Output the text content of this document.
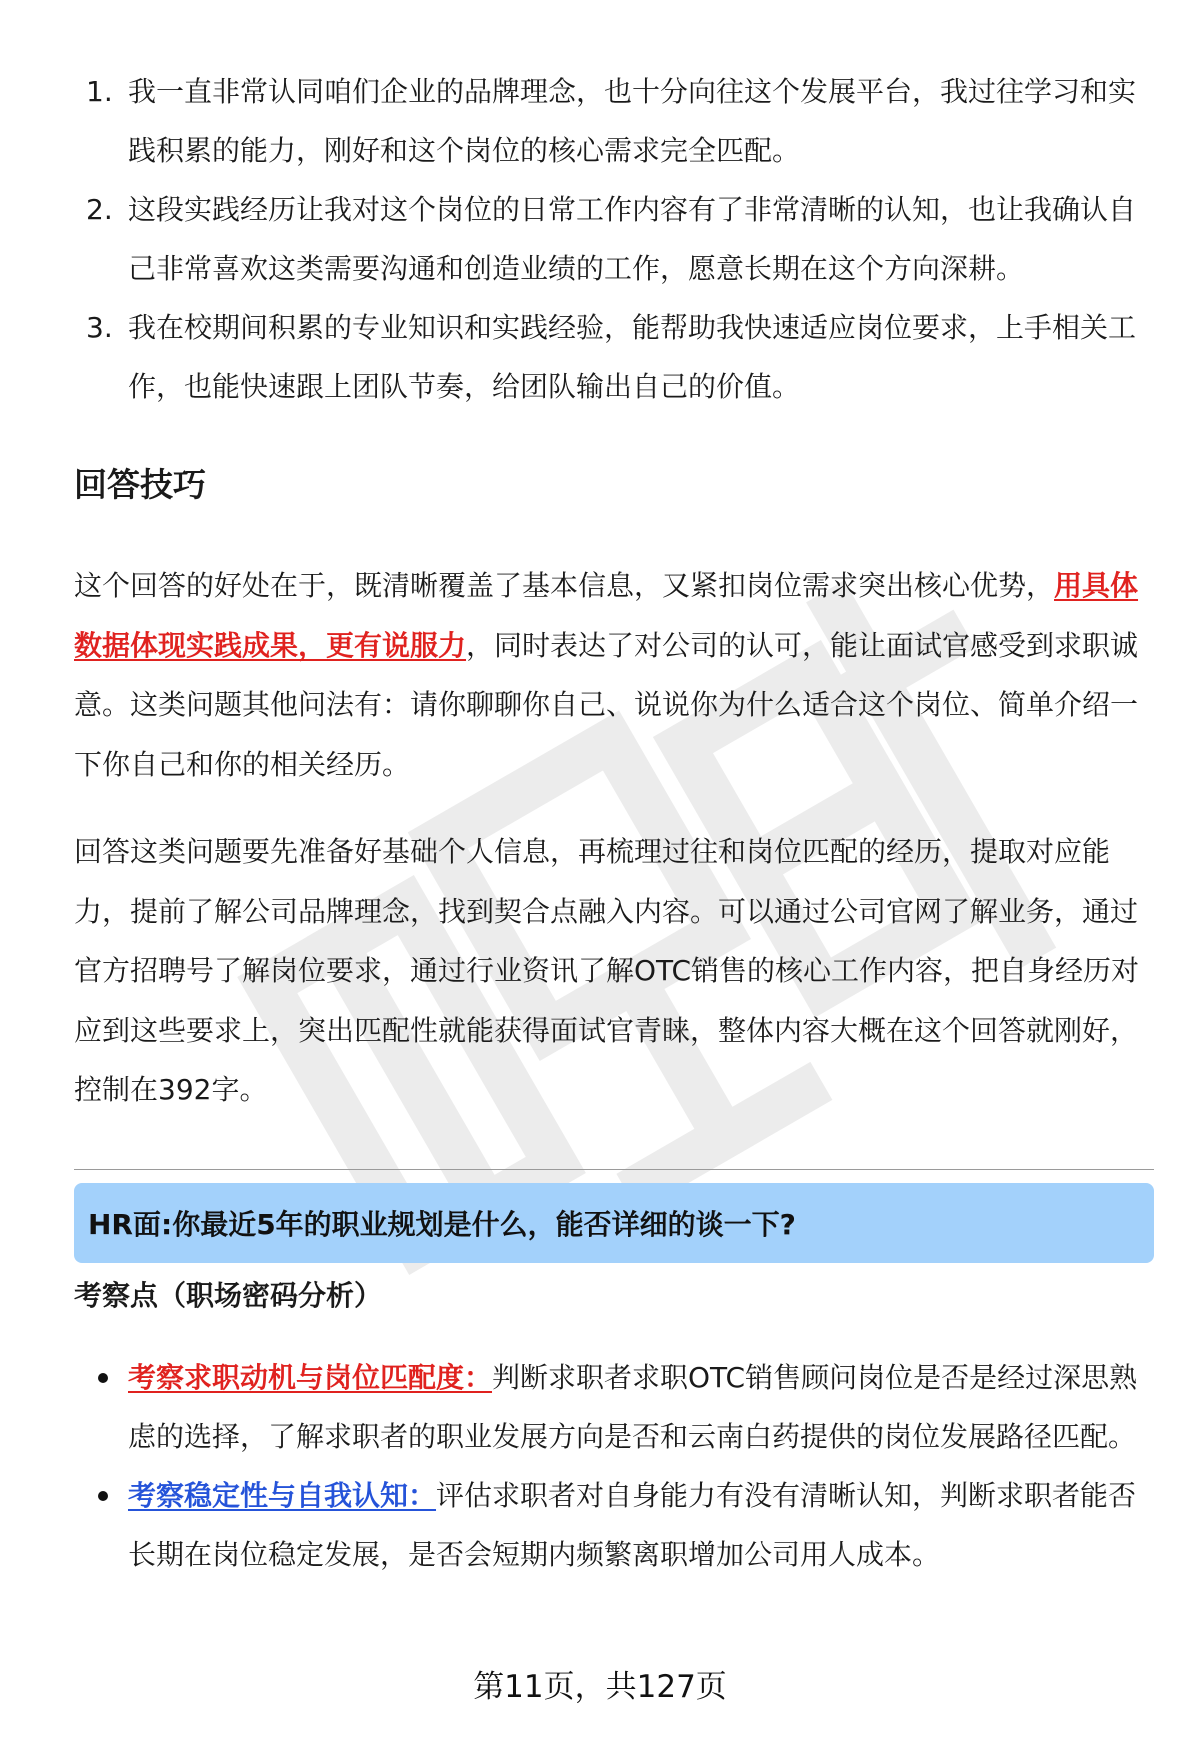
1. 我一直非常认同咱们企业的品牌理念，也十分向往这个发展平台，我过往学习和实践积累的能力，刚好和这个岗位的核心需求完全匹配。
2. 这段实践经历让我对这个岗位的日常工作内容有了非常清晰的认知，也让我确认自己非常喜欢这类需要沟通和创造业绩的工作，愿意长期在这个方向深耕。
3. 我在校期间积累的专业知识和实践经验，能帮助我快速适应岗位要求，上手相关工作，也能快速跟上团队节奏，给团队输出自己的价值。
回答技巧

这个回答的好处在于，既清晰覆盖了基本信息，又紧扣岗位需求突出核心优势，用具体数据体现实践成果，更有说服力，同时表达了对公司的认可，能让面试官感受到求职诚意。这类问题其他问法有：请你聊聊你自己、说说你为什么适合这个岗位、简单介绍一下你自己和你的相关经历。

回答这类问题要先准备好基础个人信息，再梳理过往和岗位匹配的经历，提取对应能力，提前了解公司品牌理念，找到契合点融入内容。可以通过公司官网了解业务，通过官方招聘号了解岗位要求，通过行业资讯了解OTC销售的核心工作内容，把自身经历对应到这些要求上，突出匹配性就能获得面试官青睐，整体内容大概在这个回答就刚好，控制在392字。

HR面:你最近5年的职业规划是什么，能否详细的谈一下?
考察点（职场密码分析）
考察求职动机与岗位匹配度：判断求职者求职OTC销售顾问岗位是否是经过深思熟虑的选择，了解求职者的职业发展方向是否和云南白药提供的岗位发展路径匹配。
考察稳定性与自我认知：评估求职者对自身能力有没有清晰认知，判断求职者能否长期在岗位稳定发展，是否会短期内频繁离职增加公司用人成本。
第11页，共127页
